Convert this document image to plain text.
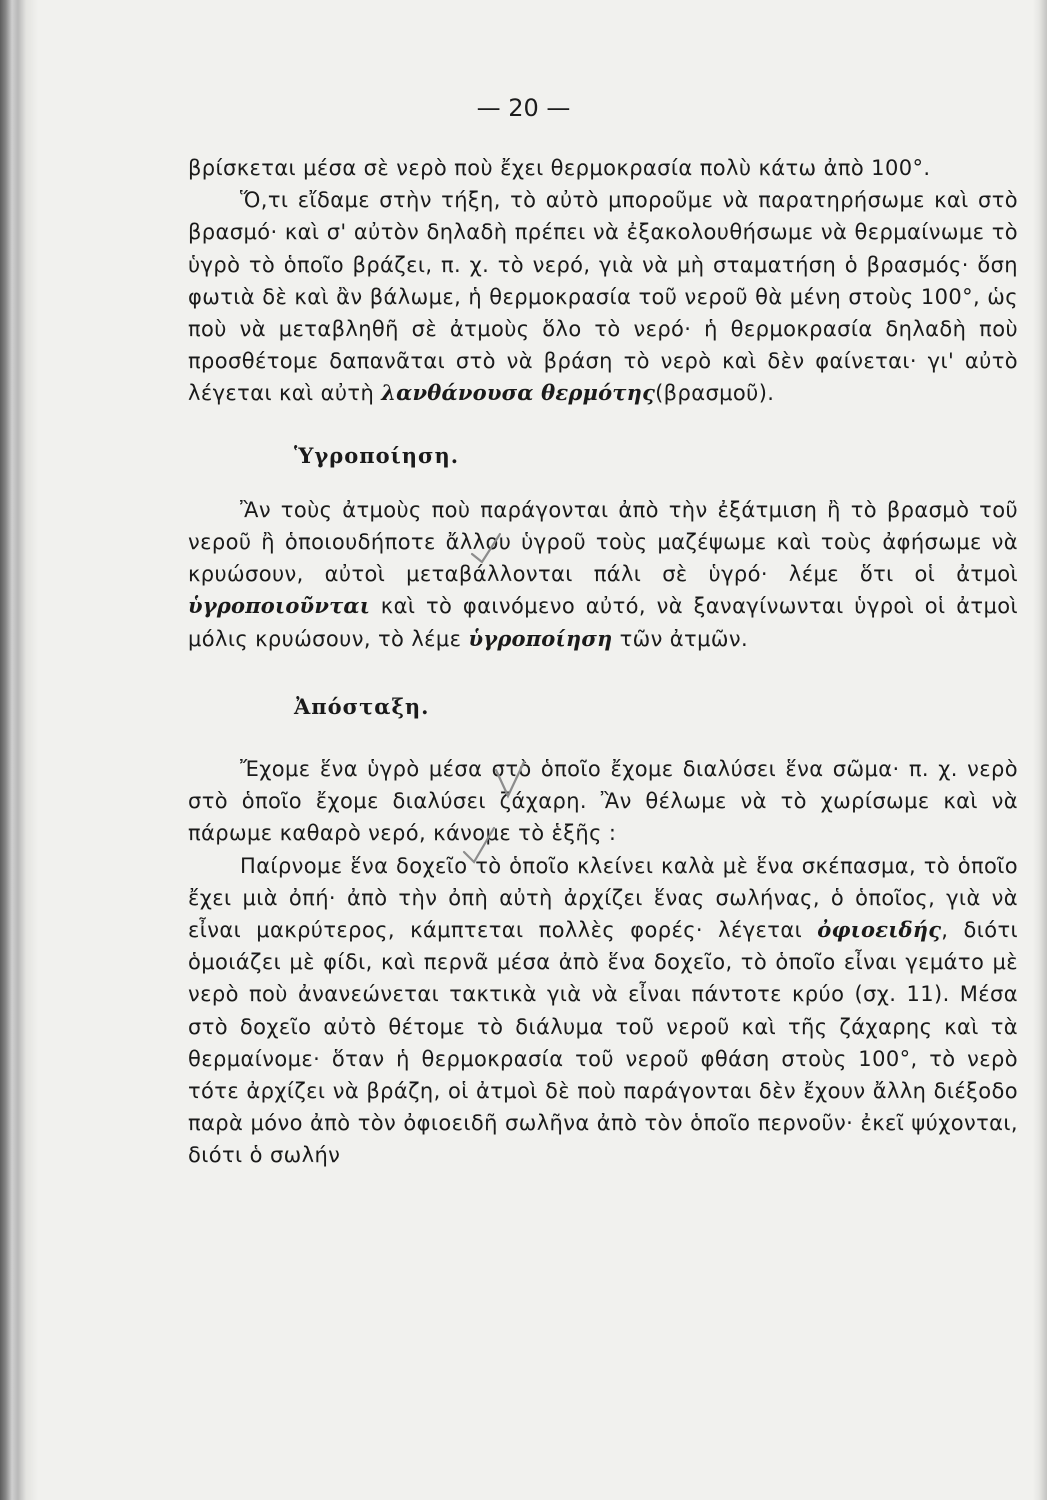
— 20 —

βρίσκεται μέσα σὲ νερὸ ποὺ ἔχει θερμοκρασία πολὺ κάτω ἀπὸ 100°.

Ὅ,τι εἴδαμε στὴν τήξη, τὸ αὐτὸ μποροῦμε νὰ παρατηρήσωμε καὶ στὸ βρασμό· καὶ σ' αὐτὸν δηλαδὴ πρέπει νὰ ἐξακολουθήσωμε νὰ θερμαίνωμε τὸ ὑγρὸ τὸ ὁποῖο βράζει, π. χ. τὸ νερό, γιὰ νὰ μὴ σταματήση ὁ βρασμός· ὅση φωτιὰ δὲ καὶ ἂν βάλωμε, ἡ θερμοκρασία τοῦ νεροῦ θὰ μένη στοὺς 100°, ὡς ποὺ νὰ μεταβληθῆ σὲ ἀτμοὺς ὅλο τὸ νερό· ἡ θερμοκρασία δηλαδὴ ποὺ προσθέτομε δαπανᾶται στὸ νὰ βράση τὸ νερὸ καὶ δὲν φαίνεται· γι' αὐτὸ λέγεται καὶ αὐτὴ λανθάνουσα θερμότης(βρασμοῦ).

Ὑγροποίηση.

Ἂν τοὺς ἀτμοὺς ποὺ παράγονται ἀπὸ τὴν ἐξάτμιση ἢ τὸ βρασμὸ τοῦ νεροῦ ἢ ὁποιουδήποτε ἄλλου ὑγροῦ τοὺς μαζέψωμε καὶ τοὺς ἀφήσωμε νὰ κρυώσουν, αὐτοὶ μεταβάλλονται πάλι σὲ ὑγρό· λέμε ὅτι οἱ ἀτμοὶ ὑγροποιοῦνται καὶ τὸ φαινόμενο αὐτό, νὰ ξαναγίνωνται ὑγροὶ οἱ ἀτμοὶ μόλις κρυώσουν, τὸ λέμε ὑγροποίηση τῶν ἀτμῶν.

Ἀπόσταξη.

Ἔχομε ἕνα ὑγρὸ μέσα στὸ ὁποῖο ἔχομε διαλύσει ἕνα σῶμα· π. χ. νερὸ στὸ ὁποῖο ἔχομε διαλύσει ζάχαρη. Ἂν θέλωμε νὰ τὸ χωρίσωμε καὶ νὰ πάρωμε καθαρὸ νερό, κάνομε τὸ ἑξῆς :

Παίρνομε ἕνα δοχεῖο τὸ ὁποῖο κλείνει καλὰ μὲ ἕνα σκέπασμα, τὸ ὁποῖο ἔχει μιὰ ὀπή· ἀπὸ τὴν ὀπὴ αὐτὴ ἀρχίζει ἕνας σωλήνας, ὁ ὁποῖος, γιὰ νὰ εἶναι μακρύτερος, κάμπτεται πολλὲς φορές· λέγεται ὀφιοειδής, διότι ὁμοιάζει μὲ φίδι, καὶ περνᾶ μέσα ἀπὸ ἕνα δοχεῖο, τὸ ὁποῖο εἶναι γεμάτο μὲ νερὸ ποὺ ἀνανεώνεται τακτικὰ γιὰ νὰ εἶναι πάντοτε κρύο (σχ. 11). Μέσα στὸ δοχεῖο αὐτὸ θέτομε τὸ διάλυμα τοῦ νεροῦ καὶ τῆς ζάχαρης καὶ τὰ θερμαίνομε· ὅταν ἡ θερμοκρασία τοῦ νεροῦ φθάση στοὺς 100°, τὸ νερὸ τότε ἀρχίζει νὰ βράζη, οἱ ἀτμοὶ δὲ ποὺ παράγονται δὲν ἔχουν ἄλλη διέξοδο παρὰ μόνο ἀπὸ τὸν ὀφιοειδῆ σωλῆνα ἀπὸ τὸν ὁποῖο περνοῦν· ἐκεῖ ψύχονται, διότι ὁ σωλήν
